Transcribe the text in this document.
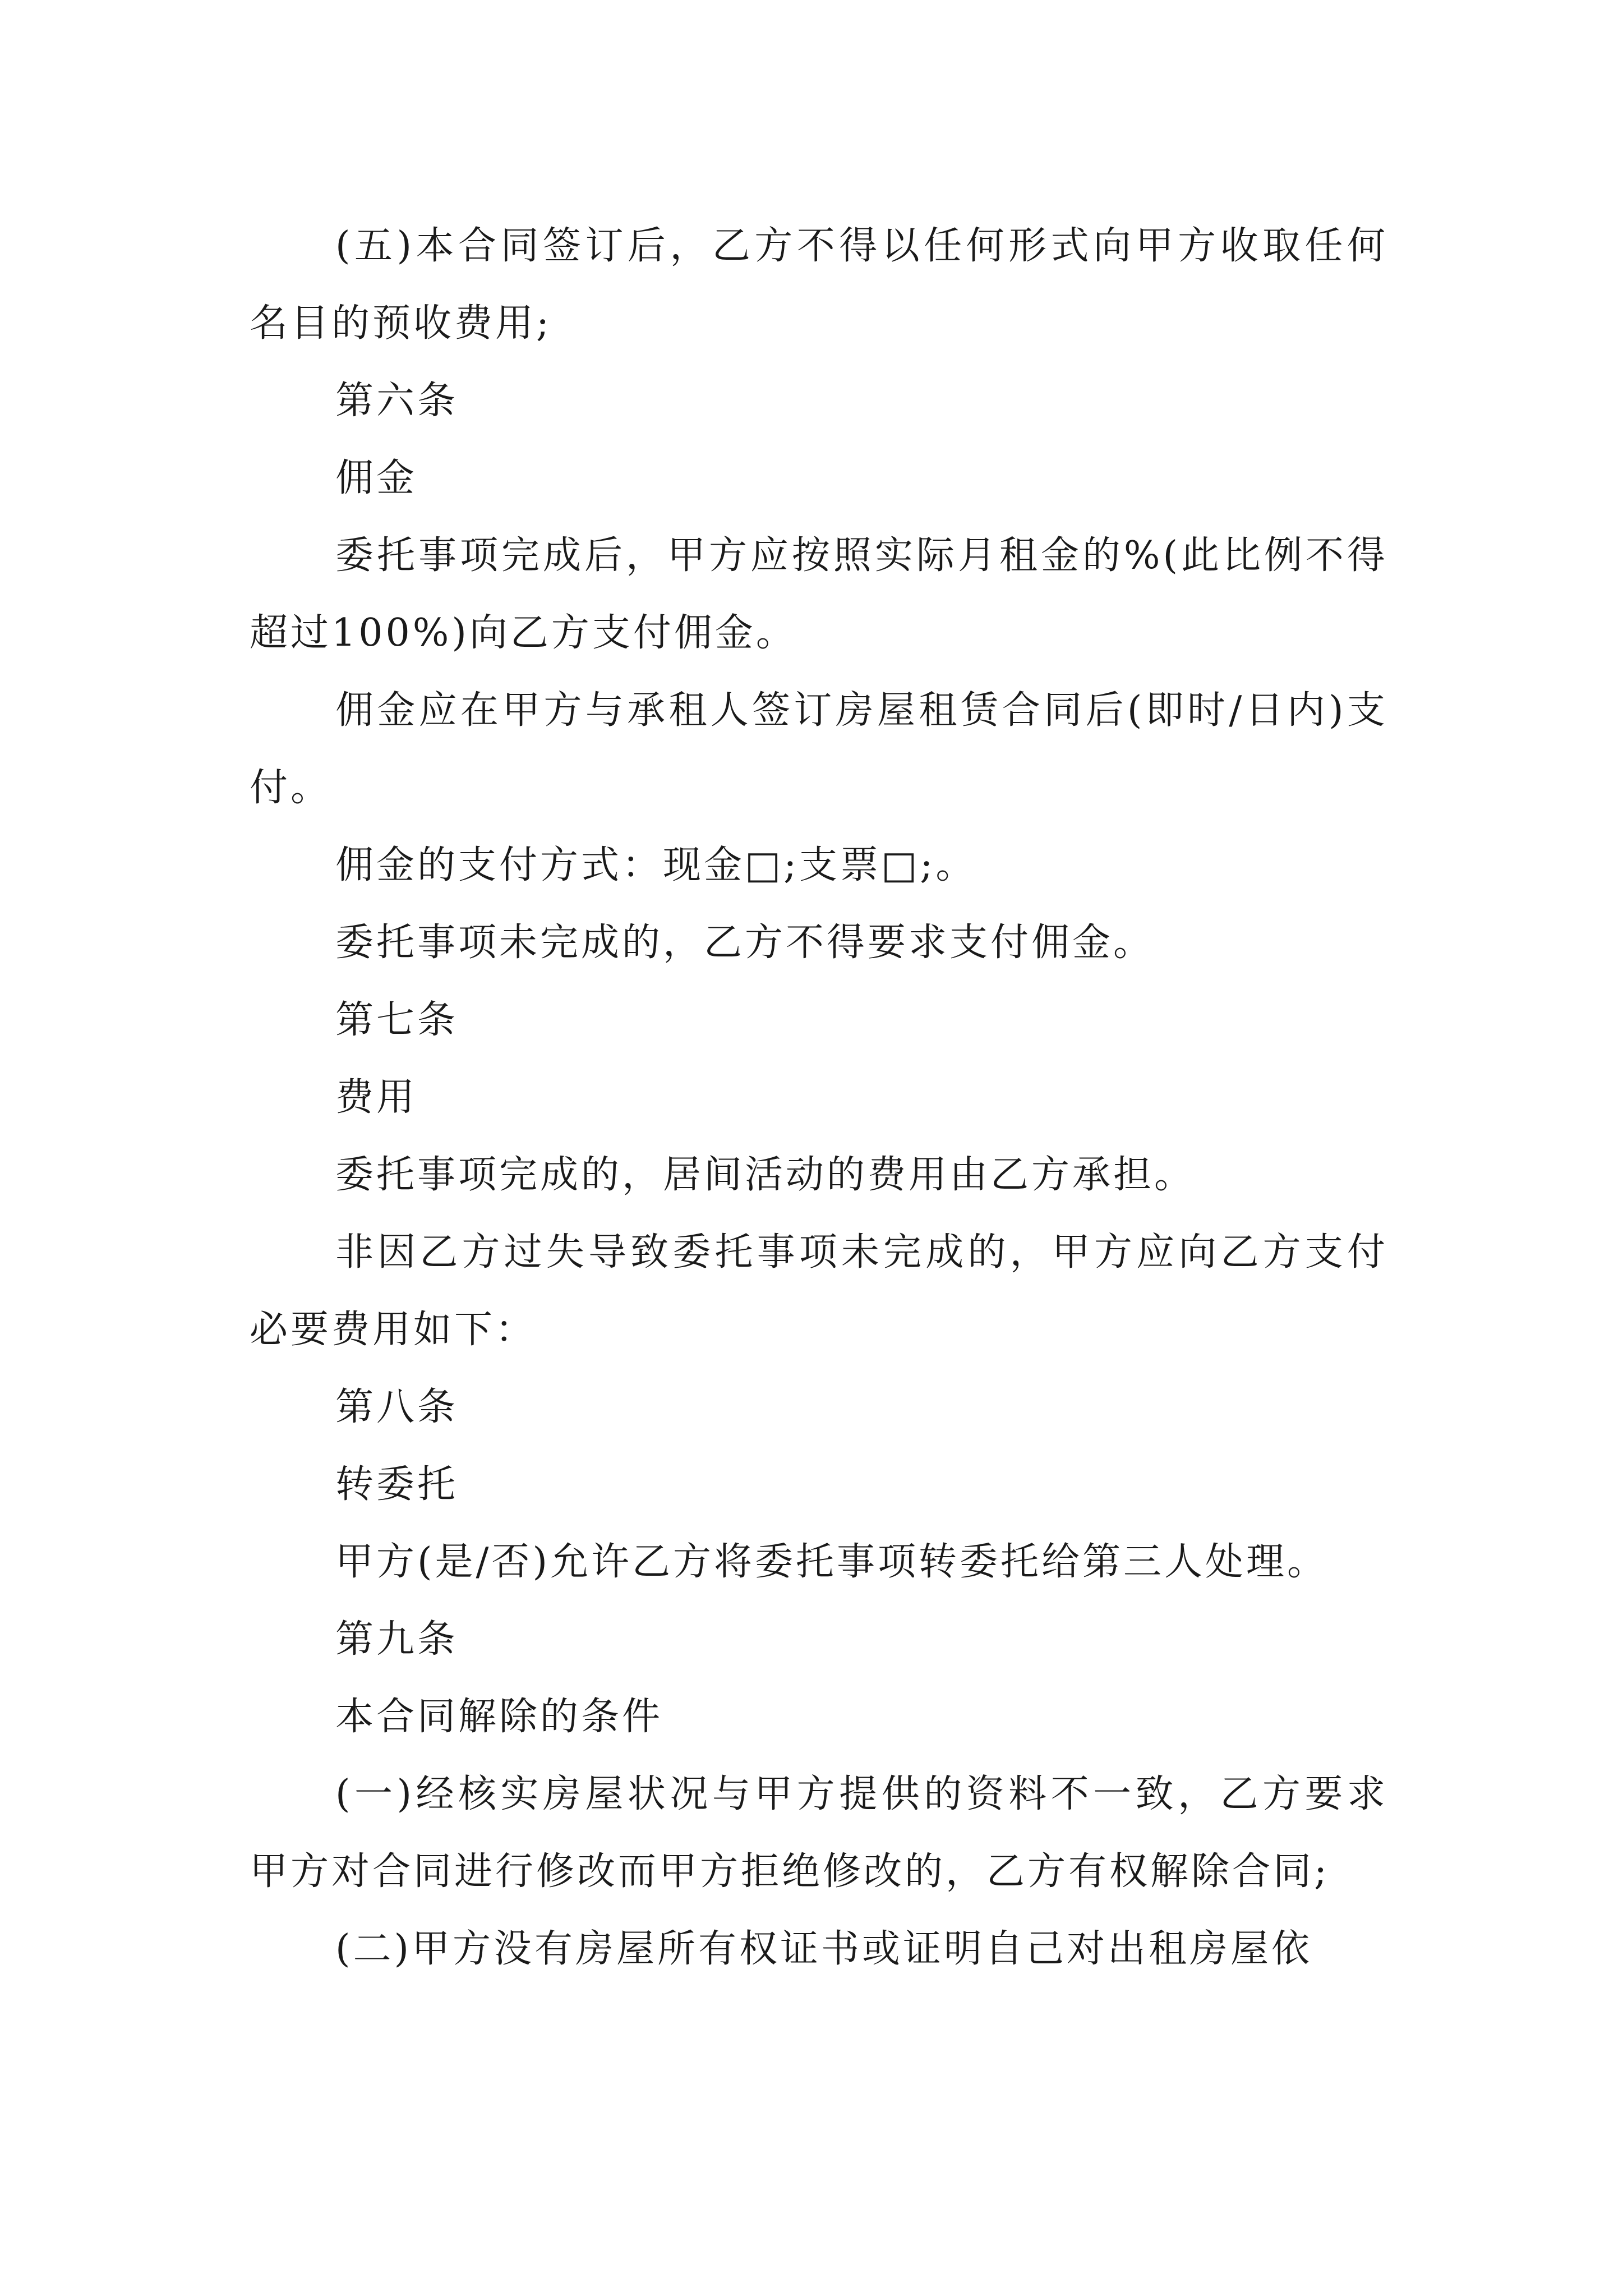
(五)本合同签订后，乙方不得以任何形式向甲方收取任何名目的预收费用;

第六条

佣金

委托事项完成后，甲方应按照实际月租金的%(此比例不得超过100%)向乙方支付佣金。

佣金应在甲方与承租人签订房屋租赁合同后(即时/日内)支付。

佣金的支付方式：现金□;支票□;。

委托事项未完成的，乙方不得要求支付佣金。

第七条

费用

委托事项完成的，居间活动的费用由乙方承担。

非因乙方过失导致委托事项未完成的，甲方应向乙方支付必要费用如下：

第八条

转委托

甲方(是/否)允许乙方将委托事项转委托给第三人处理。

第九条

本合同解除的条件

(一)经核实房屋状况与甲方提供的资料不一致，乙方要求甲方对合同进行修改而甲方拒绝修改的，乙方有权解除合同;

(二)甲方没有房屋所有权证书或证明自己对出租房屋依
